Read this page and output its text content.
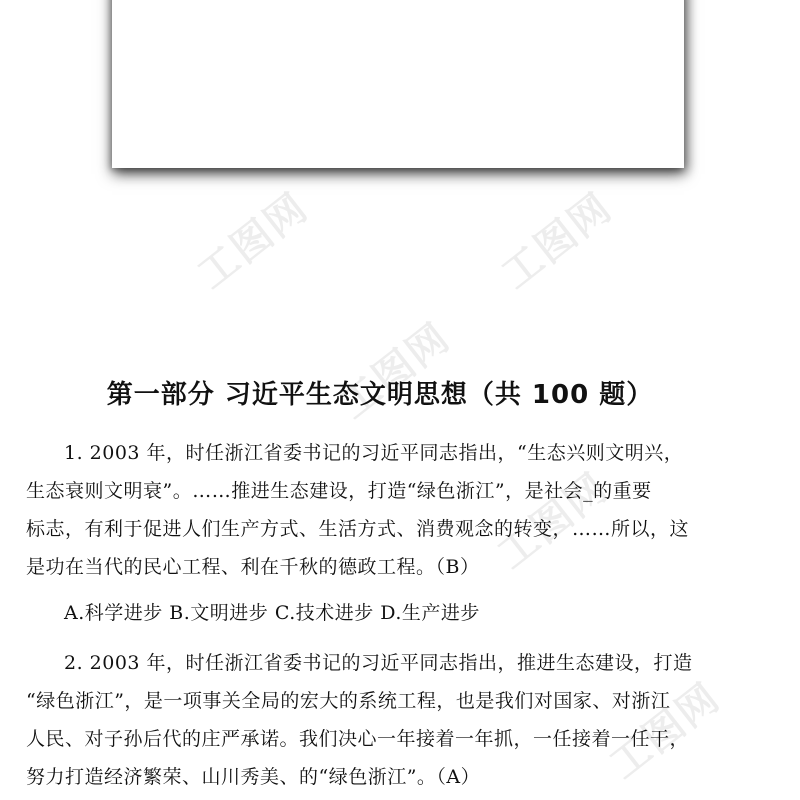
工图网	工图网
工图网
工图网
工图网
第一部分 习近平生态文明思想（共 100 题）

1. 2003 年，时任浙江省委书记的习近平同志指出，“生态兴则文明兴，
生态衰则文明衰”。……推进生态建设，打造“绿色浙江”，是社会_的重要
标志，有利于促进人们生产方式、生活方式、消费观念的转变，……所以，这
是功在当代的民心工程、利在千秋的德政工程。（B）

A.科学进步 B.文明进步 C.技术进步 D.生产进步

2. 2003 年，时任浙江省委书记的习近平同志指出，推进生态建设，打造
“绿色浙江”，是一项事关全局的宏大的系统工程，也是我们对国家、对浙江
人民、对子孙后代的庄严承诺。我们决心一年接着一年抓，一任接着一任干，
努力打造经济繁荣、山川秀美、的“绿色浙江”。（A）
